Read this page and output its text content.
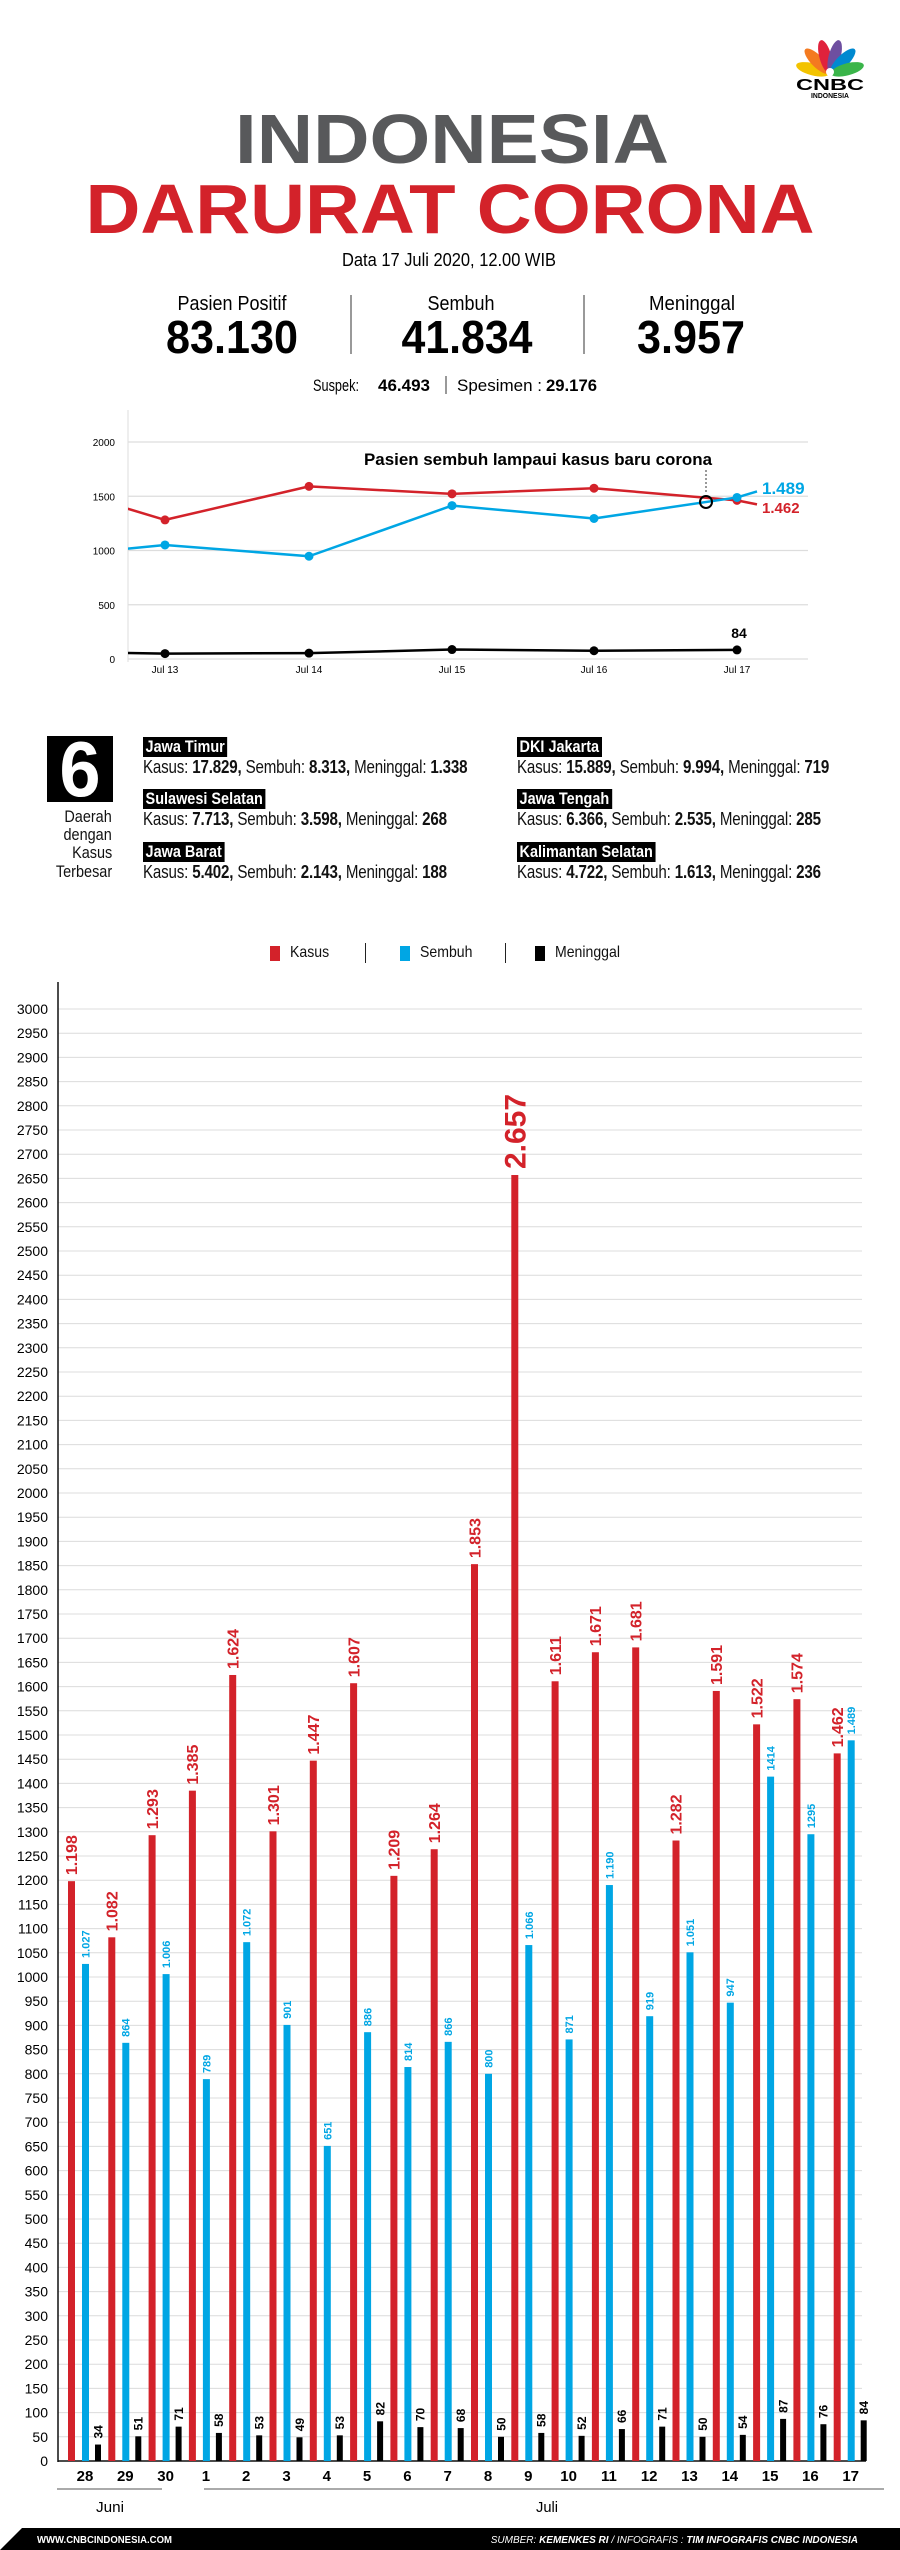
CNBC
INDONESIA
INDONESIA
DARURAT CORONA
Data 17 Juli 2020, 12.00 WIB
Pasien Positif
83.130
Sembuh
41.834
Meninggal
3.957
Suspek: 46.493 Spesimen : 29.176
0
500
1000
1500
2000
Jul 13	Jul 14	Jul 15	Jul 16	Jul 17
1.462
1.489
84
Pasien sembuh lampaui kasus baru corona
6
Daerah
dengan
Kasus
Terbesar
Jawa Timur
Kasus: 17.829, Sembuh: 8.313, Meninggal: 1.338
Sulawesi Selatan
Kasus: 7.713, Sembuh: 3.598, Meninggal: 268
Jawa Barat
Kasus: 5.402, Sembuh: 2.143, Meninggal: 188
DKI Jakarta
Kasus: 15.889, Sembuh: 9.994, Meninggal: 719
Jawa Tengah
Kasus: 6.366, Sembuh: 2.535, Meninggal: 285
Kalimantan Selatan
Kasus: 4.722, Sembuh: 1.613, Meninggal: 236
Kasus	Sembuh	Meninggal
0
50
100
150
200
250
300
350
400
450
500
550
600
650
700
750
800
850
900
950
1000
1050
1100
1150
1200
1250
1300
1350
1400
1450
1500
1550
1600
1650
1700
1750
1800
1850
1900
1950
2000
2050
2100
2150
2200
2250
2300
2350
2400
2450
2500
2550
2600
2650
2700
2750
2800
2850
2900
2950
3000
1.198
1.027
34
28
1.082
864
51
29
1.293
1.006
71
30
1.385
789
58
1
1.624
1.072
53
2
1.301
901
49
3
1.447
651
53
4
1.607
886
82
5
1.209
814
70
6
1.264
866
68
7
1.853
800
50
8
2.657
1.066
58
9
1.611
871
52
10
1.671
1.190
66
11
1.681
919
71
12
1.282
1.051
50
13
1.591
947
54
14
1.522
1414
87
15
1.574
1295
76
16
1.462 1.489
84
17
Juni	Juli
WWW.CNBCINDONESIA.COM	SUMBER: KEMENKES RI / INFOGRAFIS : TIM INFOGRAFIS CNBC INDONESIA
